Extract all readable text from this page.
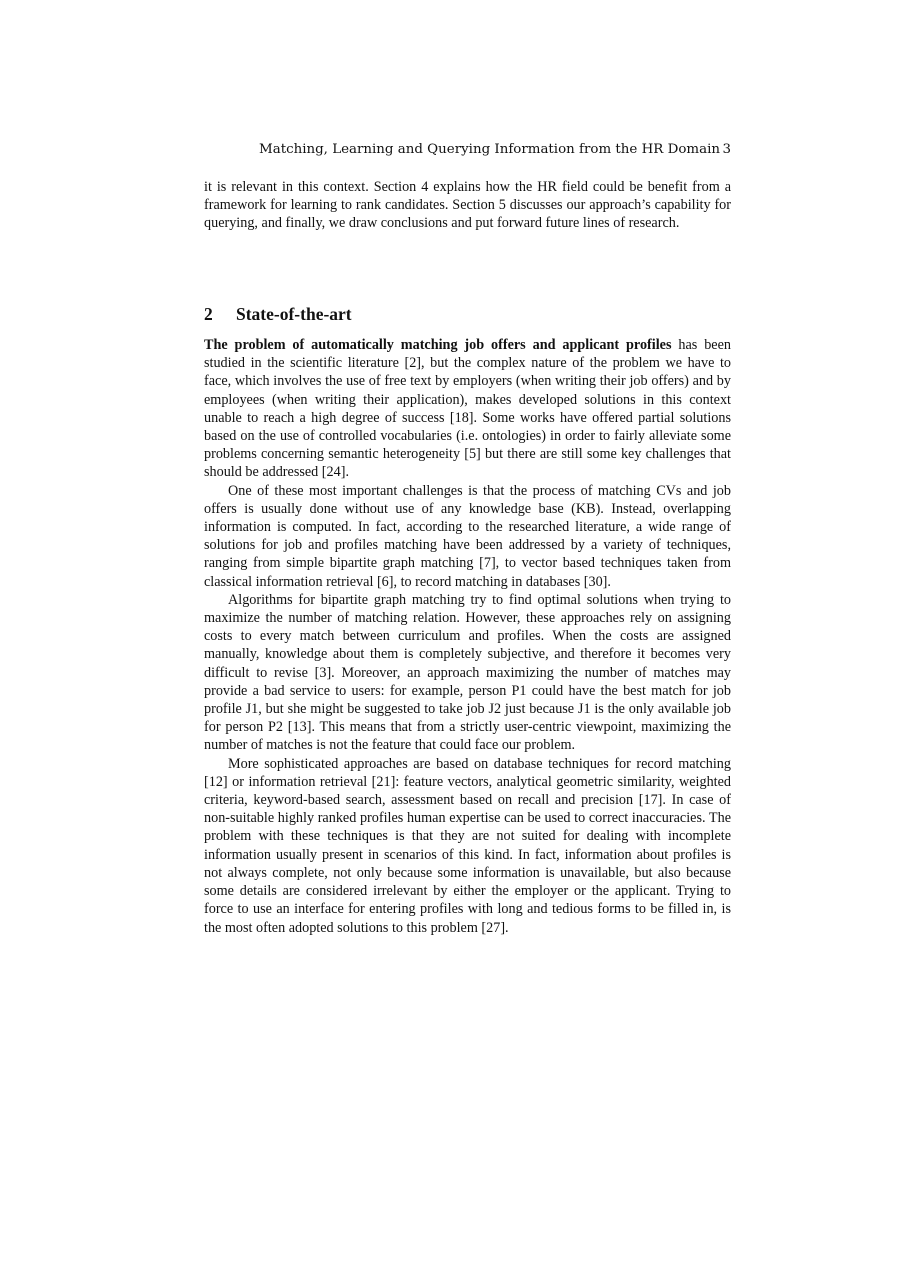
Matching, Learning and Querying Information from the HR Domain 3

it is relevant in this context. Section 4 explains how the HR field could be benefit from a framework for learning to rank candidates. Section 5 discusses our approach’s capability for querying, and finally, we draw conclusions and put forward future lines of research.

2 State-of-the-art

The problem of automatically matching job offers and applicant profiles has been studied in the scientific literature [2], but the complex nature of the problem we have to face, which involves the use of free text by employers (when writing their job offers) and by employees (when writing their application), makes developed solutions in this context unable to reach a high degree of success [18]. Some works have offered partial solutions based on the use of controlled vocabularies (i.e. ontologies) in order to fairly alleviate some problems concerning semantic heterogeneity [5] but there are still some key challenges that should be addressed [24].

One of these most important challenges is that the process of matching CVs and job offers is usually done without use of any knowledge base (KB). Instead, overlapping information is computed. In fact, according to the researched literature, a wide range of solutions for job and profiles matching have been addressed by a variety of techniques, ranging from simple bipartite graph matching [7], to vector based techniques taken from classical information retrieval [6], to record matching in databases [30].

Algorithms for bipartite graph matching try to find optimal solutions when trying to maximize the number of matching relation. However, these approaches rely on assigning costs to every match between curriculum and profiles. When the costs are assigned manually, knowledge about them is completely subjective, and therefore it becomes very difficult to revise [3]. Moreover, an approach maximizing the number of matches may provide a bad service to users: for example, person P1 could have the best match for job profile J1, but she might be suggested to take job J2 just because J1 is the only available job for person P2 [13]. This means that from a strictly user-centric viewpoint, maximizing the number of matches is not the feature that could face our problem.

More sophisticated approaches are based on database techniques for record matching [12] or information retrieval [21]: feature vectors, analytical geometric similarity, weighted criteria, keyword-based search, assessment based on recall and precision [17]. In case of non-suitable highly ranked profiles human expertise can be used to correct inaccuracies. The problem with these techniques is that they are not suited for dealing with incomplete information usually present in scenarios of this kind. In fact, information about profiles is not always complete, not only because some information is unavailable, but also because some details are considered irrelevant by either the employer or the applicant. Trying to force to use an interface for entering profiles with long and tedious forms to be filled in, is the most often adopted solutions to this problem [27].
